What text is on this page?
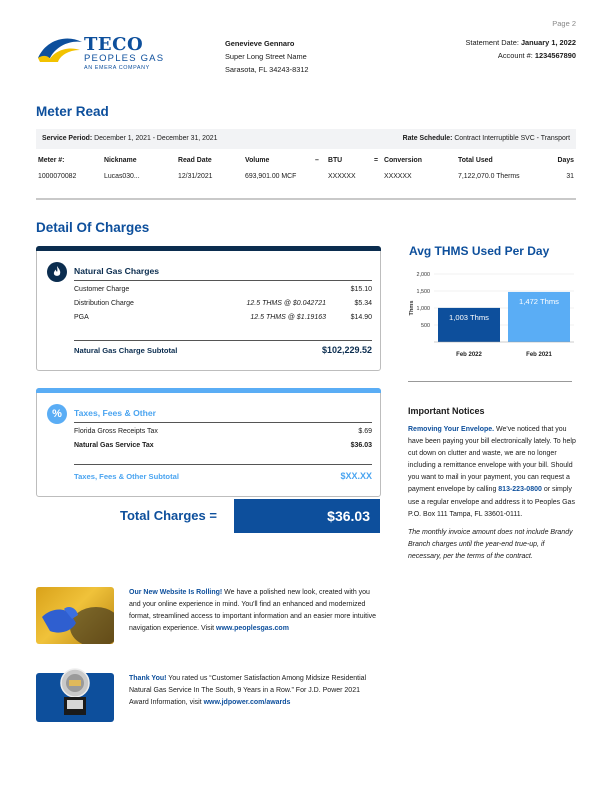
Page 2
TECO
PEOPLES GAS
AN EMERA COMPANY
Genevieve Gennaro
Super Long Street Name
Sarasota, FL 34243-8312
Statement Date: January 1, 2022
Account #: 1234567890
Meter Read
Service Period: December 1, 2021 - December 31, 2021	Rate Schedule: Contract Interruptible SVC - Transport
Meter #:	Nickname	Read Date	Volume	–	BTU	=	Conversion	Total Used	Days
1000070082	Lucas030...	12/31/2021	693,901.00 MCF		XXXXXX		XXXXXX	7,122,070.0 Therms	31
Detail Of Charges
Natural Gas Charges
Customer Charge	$15.10
Distribution Charge	12.5 THMS @ $0.042721	$5.34
PGA	12.5 THMS @ $1.19163	$14.90
Natural Gas Charge Subtotal	$102,229.52
%	Taxes, Fees & Other
Florida Gross Receipts Tax	$.69
Natural Gas Service Tax	$36.03
Taxes, Fees & Other Subtotal	$XX.XX
Total Charges =	$36.03
Avg THMS Used Per Day
2,000
1,500
1,000
500
Thms
1,003 Thms
Feb 2022
1,472 Thms
Feb 2021
Important Notices
Removing Your Envelope. We've noticed that you have been paying your bill electronically lately. To help cut down on clutter and waste, we are no longer including a remittance envelope with your bill. Should you want to mail in your payment, you can request a payment envelope by calling 813-223-0800 or simply use a regular envelope and address it to Peoples Gas P.O. Box 111 Tampa, FL 33601-0111.
The monthly invoice amount does not include Brandy Branch charges until the year-end true-up, if necessary, per the terms of the contract.
Our New Website Is Rolling! We have a polished new look, created with you and your online experience in mind. You'll find an enhanced and modernized format, streamlined access to important information and an easier more intuitive navigation experience. Visit www.peoplesgas.com
Thank You! You rated us “Customer Satisfaction Among Midsize Residential Natural Gas Service In The South, 9 Years in a Row.” For J.D. Power 2021 Award Information, visit www.jdpower.com/awards
